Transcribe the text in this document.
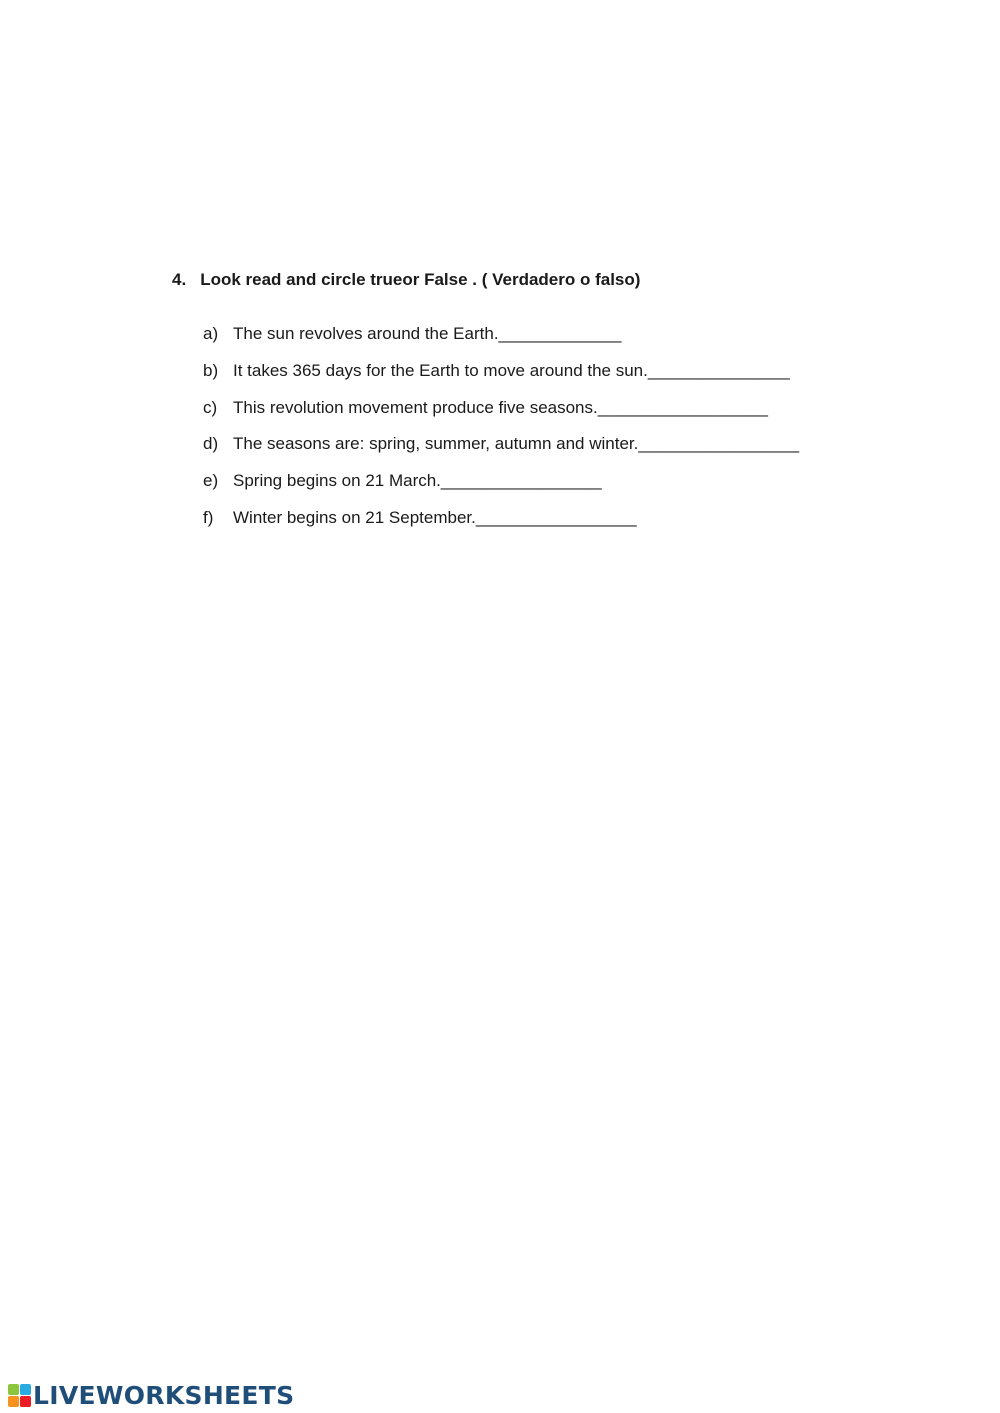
4. Look read and circle trueor False . ( Verdadero o falso)
a) The sun revolves around the Earth. _____________
b) It takes 365 days for the Earth to move around the sun. _______________
c) This revolution movement produce five seasons. __________________
d) The seasons are: spring, summer, autumn and winter. _________________
e) Spring begins on 21 March. _________________
f)	Winter begins on 21 September. _________________
LIVEWORKSHEETS
